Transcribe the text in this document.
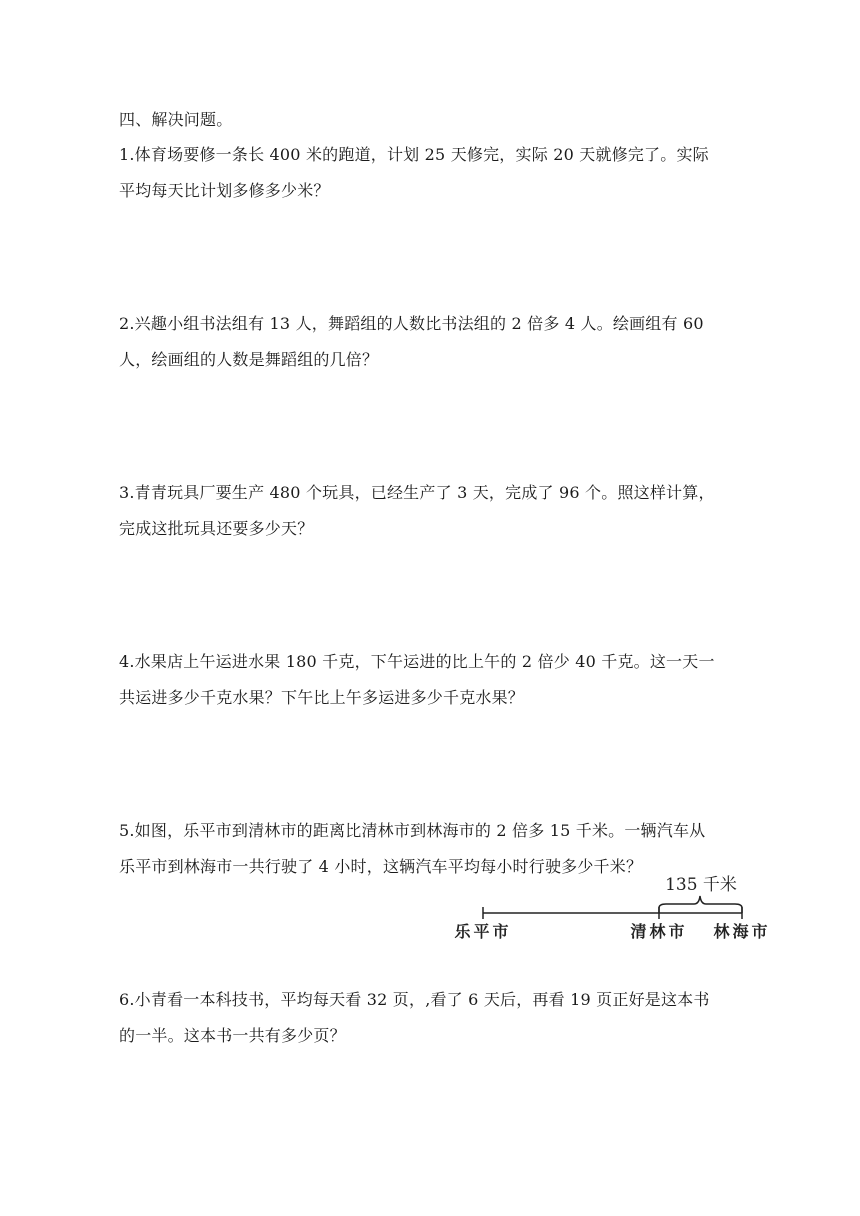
四、解决问题。
1.体育场要修一条长 400 米的跑道，计划 25 天修完，实际 20 天就修完了。实际
平均每天比计划多修多少米？
2.兴趣小组书法组有 13 人，舞蹈组的人数比书法组的 2 倍多 4 人。绘画组有 60
人，绘画组的人数是舞蹈组的几倍？
3.青青玩具厂要生产 480 个玩具，已经生产了 3 天，完成了 96 个。照这样计算，
完成这批玩具还要多少天？
4.水果店上午运进水果 180 千克，下午运进的比上午的 2 倍少 40 千克。这一天一
共运进多少千克水果？下午比上午多运进多少千克水果？
5.如图，乐平市到清林市的距离比清林市到林海市的 2 倍多 15 千米。一辆汽车从
乐平市到林海市一共行驶了 4 小时，这辆汽车平均每小时行驶多少千米？
135 千米
乐平市	清林市 林海市
6.小青看一本科技书，平均每天看 32 页，,看了 6 天后，再看 19 页正好是这本书
的一半。这本书一共有多少页？
